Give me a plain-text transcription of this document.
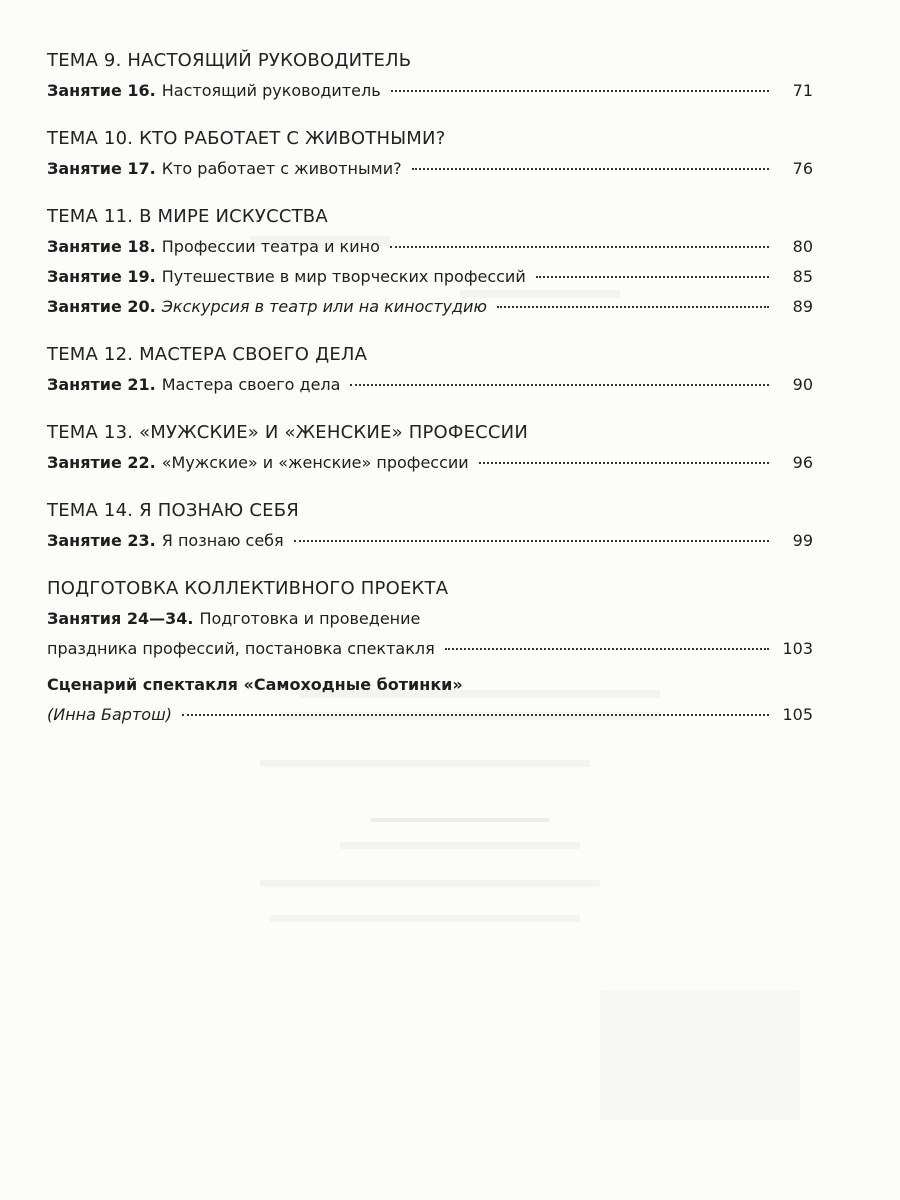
ТЕМА 9. НАСТОЯЩИЙ РУКОВОДИТЕЛЬ
Занятие 16. Настоящий руководитель	71
ТЕМА 10. КТО РАБОТАЕТ С ЖИВОТНЫМИ?
Занятие 17. Кто работает с животными?	76
ТЕМА 11. В МИРЕ ИСКУССТВА
Занятие 18. Профессии театра и кино	80
Занятие 19. Путешествие в мир творческих профессий	85
Занятие 20. Экскурсия в театр или на киностудию	89
ТЕМА 12. МАСТЕРА СВОЕГО ДЕЛА
Занятие 21. Мастера своего дела	90
ТЕМА 13. «МУЖСКИЕ» И «ЖЕНСКИЕ» ПРОФЕССИИ
Занятие 22. «Мужские» и «женские» профессии	96
ТЕМА 14. Я ПОЗНАЮ СЕБЯ
Занятие 23. Я познаю себя	99
ПОДГОТОВКА КОЛЛЕКТИВНОГО ПРОЕКТА
Занятия 24—34. Подготовка и проведение
праздника профессий, постановка спектакля	103
Сценарий спектакля «Самоходные ботинки»
(Инна Бартош)	105
